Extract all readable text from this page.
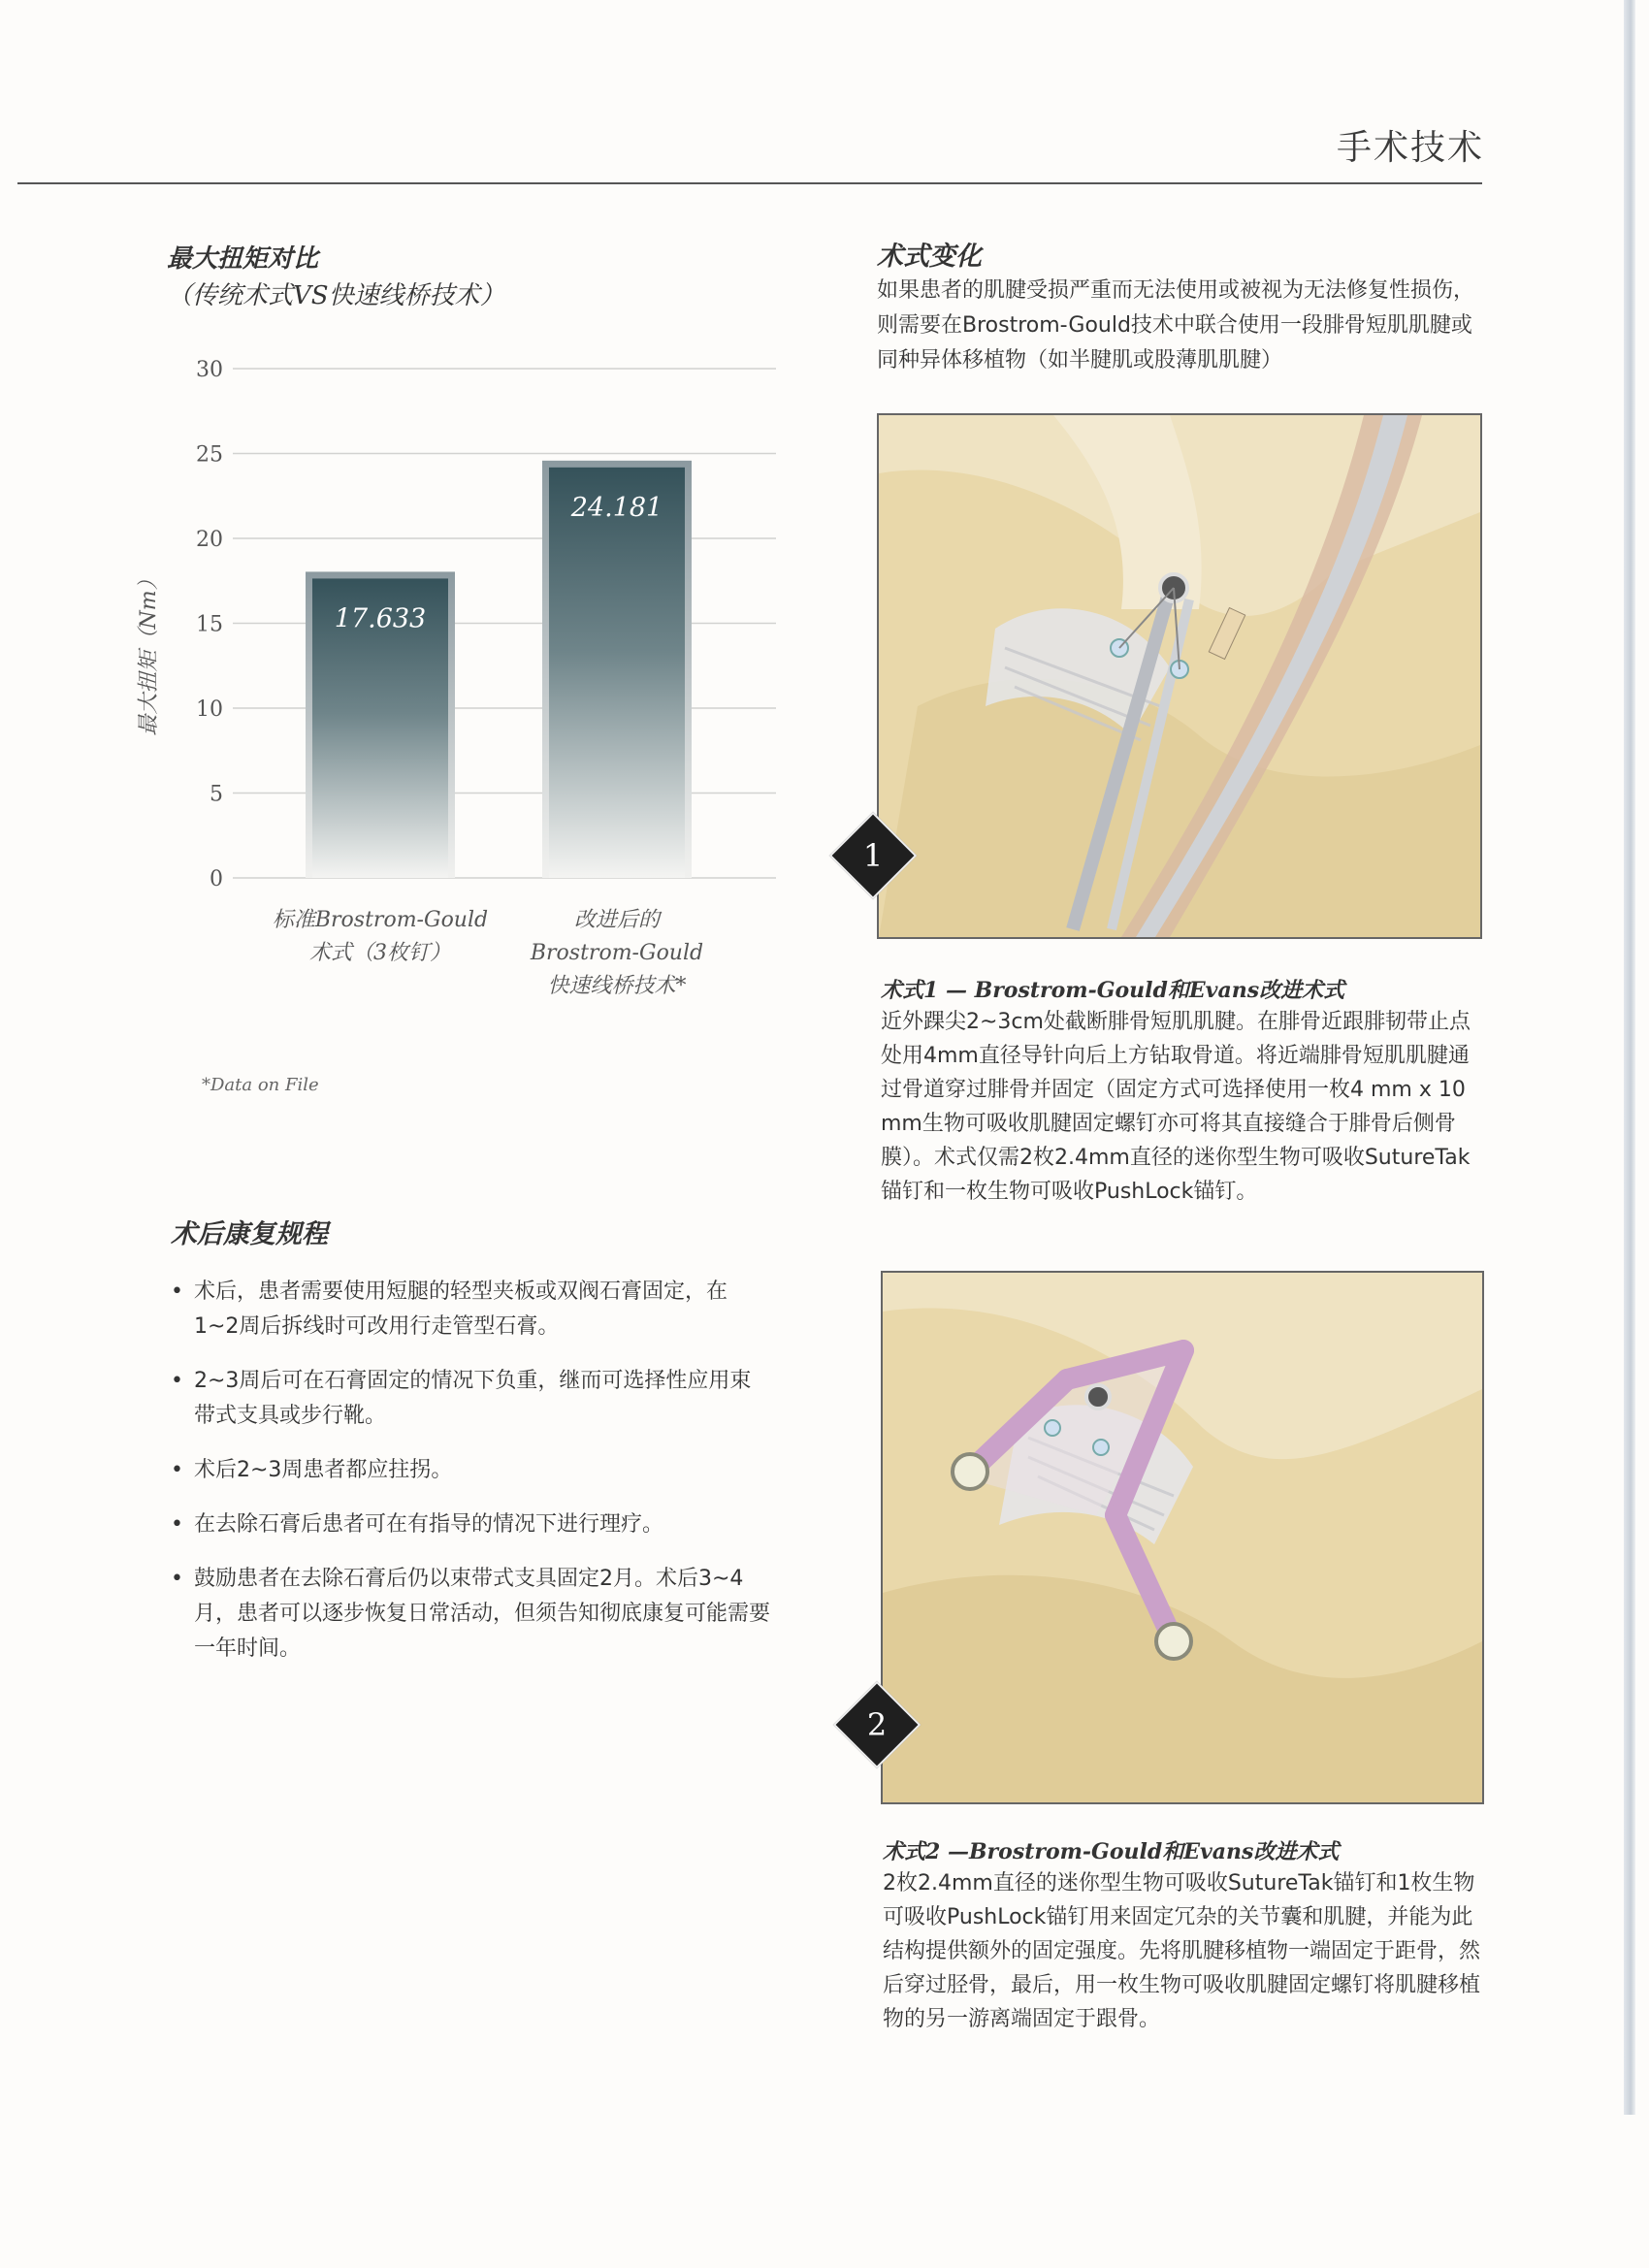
手术技术
最大扭矩对比
（传统术式VS快速线桥技术）
0
5
10
15
20
25
30
17.633
标准Brostrom-Gould
术式（3枚钉）
24.181
改进后的
Brostrom-Gould
快速线桥技术*
最大扭矩（Nm）
*Data on File
术后康复规程
• 术后，患者需要使用短腿的轻型夹板或双阀石膏固定，在1~2周后拆线时可改用行走管型石膏。
• 2~3周后可在石膏固定的情况下负重，继而可选择性应用束带式支具或步行靴。
• 术后2~3周患者都应拄拐。
• 在去除石膏后患者可在有指导的情况下进行理疗。
• 鼓励患者在去除石膏后仍以束带式支具固定2月。术后3~4月，患者可以逐步恢复日常活动，但须告知彻底康复可能需要一年时间。
术式变化
如果患者的肌腱受损严重而无法使用或被视为无法修复性损伤，则需要在Brostrom-Gould技术中联合使用一段腓骨短肌肌腱或同种异体移植物（如半腱肌或股薄肌肌腱）
1
术式1 — Brostrom-Gould和Evans改进术式
近外踝尖2~3cm处截断腓骨短肌肌腱。在腓骨近跟腓韧带止点处用4mm直径导针向后上方钻取骨道。将近端腓骨短肌肌腱通过骨道穿过腓骨并固定（固定方式可选择使用一枚4 mm x 10 mm生物可吸收肌腱固定螺钉亦可将其直接缝合于腓骨后侧骨膜）。术式仅需2枚2.4mm直径的迷你型生物可吸收SutureTak锚钉和一枚生物可吸收PushLock锚钉。
2
术式2 —Brostrom-Gould和Evans改进术式
2枚2.4mm直径的迷你型生物可吸收SutureTak锚钉和1枚生物可吸收PushLock锚钉用来固定冗杂的关节囊和肌腱，并能为此结构提供额外的固定强度。先将肌腱移植物一端固定于距骨，然后穿过胫骨，最后，用一枚生物可吸收肌腱固定螺钉将肌腱移植物的另一游离端固定于跟骨。
